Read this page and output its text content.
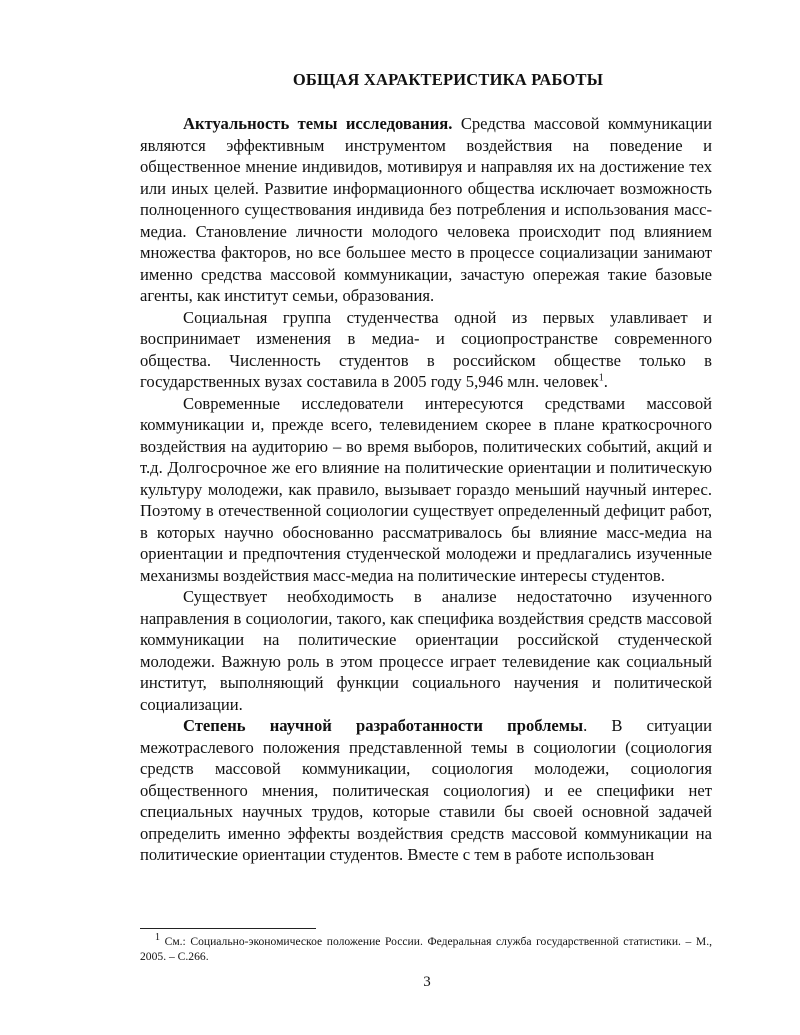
ОБЩАЯ ХАРАКТЕРИСТИКА РАБОТЫ

Актуальность темы исследования. Средства массовой коммуникации являются эффективным инструментом воздействия на поведение и общественное мнение индивидов, мотивируя и направляя их на достижение тех или иных целей. Развитие информационного общества исключает возможность полноценного существования индивида без потребления и использования масс-медиа. Становление личности молодого человека происходит под влиянием множества факторов, но все большее место в процессе социализации занимают именно средства массовой коммуникации, зачастую опережая такие базовые агенты, как институт семьи, образования.

Социальная группа студенчества одной из первых улавливает и воспринимает изменения в медиа- и социопространстве современного общества. Численность студентов в российском обществе только в государственных вузах составила в 2005 году 5,946 млн. человек$^1$.

Современные исследователи интересуются средствами массовой коммуникации и, прежде всего, телевидением скорее в плане краткосрочного воздействия на аудиторию – во время выборов, политических событий, акций и т.д. Долгосрочное же его влияние на политические ориентации и политическую культуру молодежи, как правило, вызывает гораздо меньший научный интерес. Поэтому в отечественной социологии существует определенный дефицит работ, в которых научно обоснованно рассматривалось бы влияние масс-медиа на ориентации и предпочтения студенческой молодежи и предлагались изученные механизмы воздействия масс-медиа на политические интересы студентов.

Существует необходимость в анализе недостаточно изученного направления в социологии, такого, как специфика воздействия средств массовой коммуникации на политические ориентации российской студенческой молодежи. Важную роль в этом процессе играет телевидение как социальный институт, выполняющий функции социального научения и политической социализации.

Степень научной разработанности проблемы. В ситуации межотраслевого положения представленной темы в социологии (социология средств массовой коммуникации, социология молодежи, социология общественного мнения, политическая социология) и ее специфики нет специальных научных трудов, которые ставили бы своей основной задачей определить именно эффекты воздействия средств массовой коммуникации на политические ориентации студентов. Вместе с тем в работе использован

$^1$ См.: Социально-экономическое положение России. Федеральная служба государственной статистики. – М., 2005. – С.266.

3
